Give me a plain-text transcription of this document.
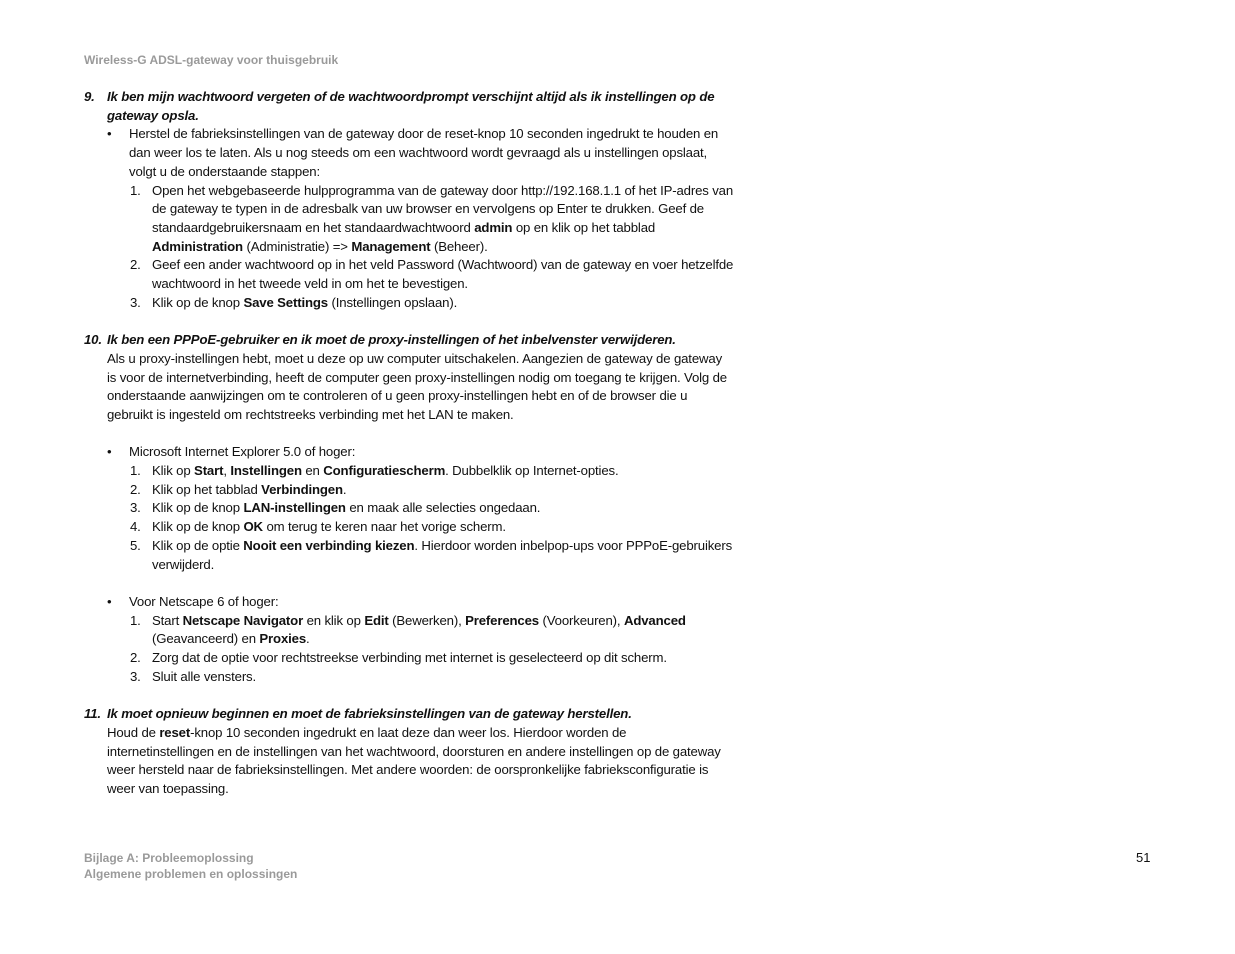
Wireless-G ADSL-gateway voor thuisgebruik
9. Ik ben mijn wachtwoord vergeten of de wachtwoordprompt verschijnt altijd als ik instellingen op de
gateway opsla.
• Herstel de fabrieksinstellingen van de gateway door de reset-knop 10 seconden ingedrukt te houden en
dan weer los te laten. Als u nog steeds om een wachtwoord wordt gevraagd als u instellingen opslaat,
volgt u de onderstaande stappen:
1. Open het webgebaseerde hulpprogramma van de gateway door http://192.168.1.1 of het IP-adres van
de gateway te typen in de adresbalk van uw browser en vervolgens op Enter te drukken. Geef de
standaardgebruikersnaam en het standaardwachtwoord admin op en klik op het tabblad
Administration (Administratie) => Management (Beheer).
2. Geef een ander wachtwoord op in het veld Password (Wachtwoord) van de gateway en voer hetzelfde
wachtwoord in het tweede veld in om het te bevestigen.
3. Klik op de knop Save Settings (Instellingen opslaan).
10. Ik ben een PPPoE-gebruiker en ik moet de proxy-instellingen of het inbelvenster verwijderen.
Als u proxy-instellingen hebt, moet u deze op uw computer uitschakelen. Aangezien de gateway de gateway
is voor de internetverbinding, heeft de computer geen proxy-instellingen nodig om toegang te krijgen. Volg de
onderstaande aanwijzingen om te controleren of u geen proxy-instellingen hebt en of de browser die u
gebruikt is ingesteld om rechtstreeks verbinding met het LAN te maken.
• Microsoft Internet Explorer 5.0 of hoger:
1. Klik op Start, Instellingen en Configuratiescherm. Dubbelklik op Internet-opties.
2. Klik op het tabblad Verbindingen.
3. Klik op de knop LAN-instellingen en maak alle selecties ongedaan.
4. Klik op de knop OK om terug te keren naar het vorige scherm.
5. Klik op de optie Nooit een verbinding kiezen. Hierdoor worden inbelpop-ups voor PPPoE-gebruikers
verwijderd.
• Voor Netscape 6 of hoger:
1. Start Netscape Navigator en klik op Edit (Bewerken), Preferences (Voorkeuren), Advanced
(Geavanceerd) en Proxies.
2. Zorg dat de optie voor rechtstreekse verbinding met internet is geselecteerd op dit scherm.
3. Sluit alle vensters.
11. Ik moet opnieuw beginnen en moet de fabrieksinstellingen van de gateway herstellen.
Houd de reset-knop 10 seconden ingedrukt en laat deze dan weer los. Hierdoor worden de
internetinstellingen en de instellingen van het wachtwoord, doorsturen en andere instellingen op de gateway
weer hersteld naar de fabrieksinstellingen. Met andere woorden: de oorspronkelijke fabrieksconfiguratie is
weer van toepassing.
Bijlage A: Probleemoplossing
Algemene problemen en oplossingen
51
